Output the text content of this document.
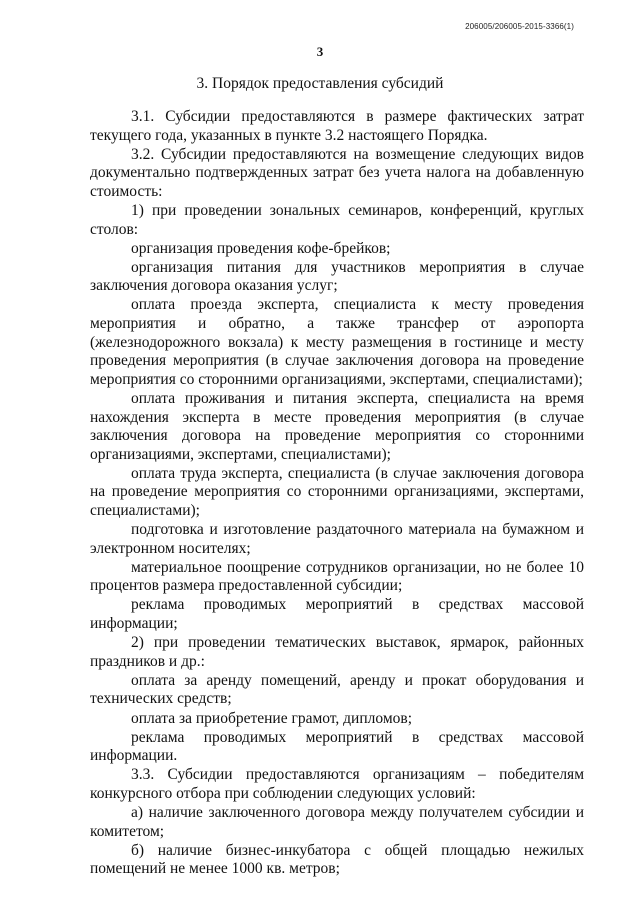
206005/206005-2015-3366(1)
3
3. Порядок предоставления субсидий

3.1. Субсидии предоставляются в размере фактических затрат текущего года, указанных в пункте 3.2 настоящего Порядка.

3.2. Субсидии предоставляются на возмещение следующих видов документально подтвержденных затрат без учета налога на добавленную стоимость:

1) при проведении зональных семинаров, конференций, круглых столов:

организация проведения кофе-брейков;

организация питания для участников мероприятия в случае заключения договора оказания услуг;

оплата проезда эксперта, специалиста к месту проведения мероприятия и обратно, а также трансфер от аэропорта (железнодорожного вокзала) к месту размещения в гостинице и месту проведения мероприятия (в случае заключения договора на проведение мероприятия со сторонними организациями, экспертами, специалистами);

оплата проживания и питания эксперта, специалиста на время нахождения эксперта в месте проведения мероприятия (в случае заключения договора на проведение мероприятия со сторонними организациями, экспертами, специалистами);

оплата труда эксперта, специалиста (в случае заключения договора на проведение мероприятия со сторонними организациями, экспертами, специалистами);

подготовка и изготовление раздаточного материала на бумажном и электронном носителях;

материальное поощрение сотрудников организации, но не более 10 процентов размера предоставленной субсидии;

реклама проводимых мероприятий в средствах массовой информации;

2) при проведении тематических выставок, ярмарок, районных праздников и др.:

оплата за аренду помещений, аренду и прокат оборудования и технических средств;

оплата за приобретение грамот, дипломов;

реклама проводимых мероприятий в средствах массовой информации.

3.3. Субсидии предоставляются организациям – победителям конкурсного отбора при соблюдении следующих условий:

а) наличие заключенного договора между получателем субсидии и комитетом;

б) наличие бизнес-инкубатора с общей площадью нежилых помещений не менее 1000 кв. метров;
